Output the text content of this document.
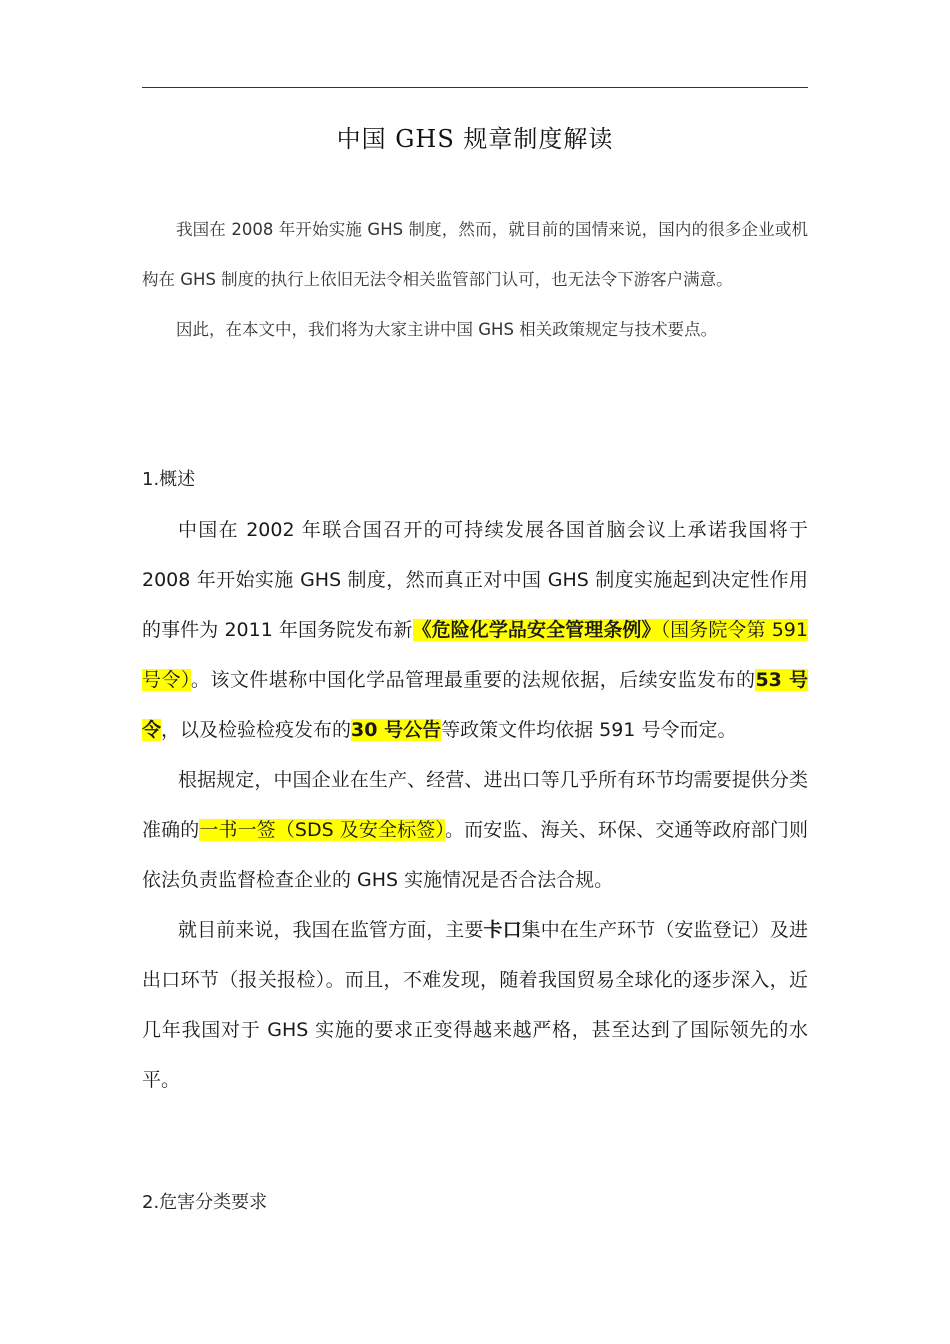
中国 GHS 规章制度解读

我国在 2008 年开始实施 GHS 制度，然而，就目前的国情来说，国内的很多企业或机构在 GHS 制度的执行上依旧无法令相关监管部门认可，也无法令下游客户满意。

因此，在本文中，我们将为大家主讲中国 GHS 相关政策规定与技术要点。

1.概述

中国在 2002 年联合国召开的可持续发展各国首脑会议上承诺我国将于 2008 年开始实施 GHS 制度，然而真正对中国 GHS 制度实施起到决定性作用的事件为 2011 年国务院发布新《危险化学品安全管理条例》（国务院令第 591 号令）。该文件堪称中国化学品管理最重要的法规依据，后续安监发布的53 号令，以及检验检疫发布的30 号公告等政策文件均依据 591 号令而定。

根据规定，中国企业在生产、经营、进出口等几乎所有环节均需要提供分类准确的一书一签（SDS 及安全标签）。而安监、海关、环保、交通等政府部门则依法负责监督检查企业的 GHS 实施情况是否合法合规。

就目前来说，我国在监管方面，主要卡口集中在生产环节（安监登记）及进出口环节（报关报检）。而且，不难发现，随着我国贸易全球化的逐步深入，近几年我国对于 GHS 实施的要求正变得越来越严格，甚至达到了国际领先的水平。

2.危害分类要求
